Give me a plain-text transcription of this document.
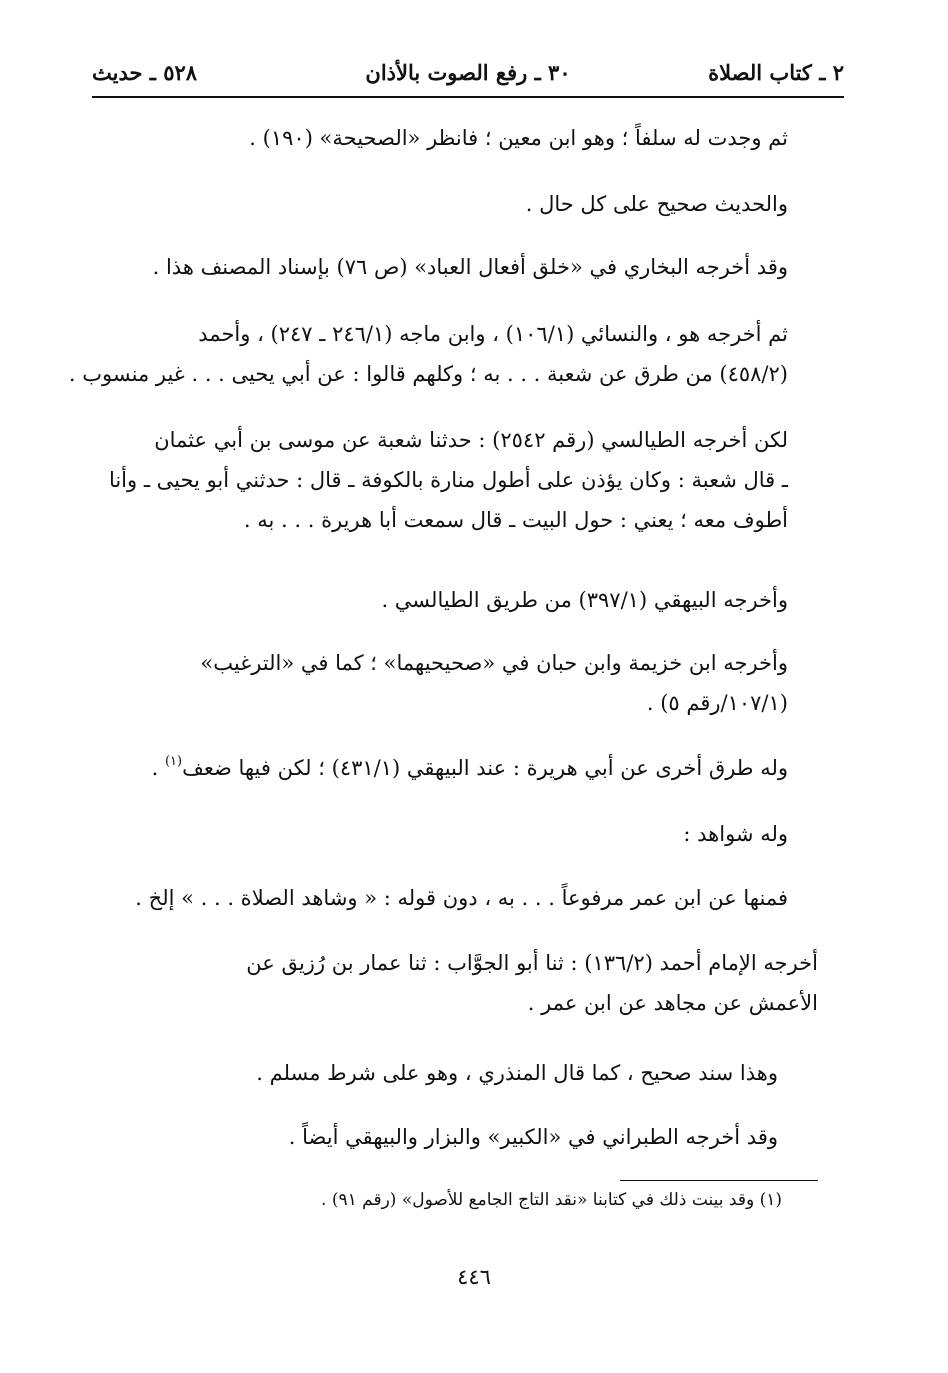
٢ ـ كتاب الصلاة
٣٠ ـ رفع الصوت بالأذان
٥٢٨ ـ حديث
ثم وجدت له سلفاً ؛ وهو ابن معين ؛ فانظر «الصحيحة» (١٩٠) .
والحديث صحيح على كل حال .
وقد أخرجه البخاري في «خلق أفعال العباد» (ص ٧٦) بإسناد المصنف هذا .
ثم أخرجه هو ، والنسائي (١٠٦/١) ، وابن ماجه (٢٤٦/١ ـ ٢٤٧) ، وأحمد
(٤٥٨/٢) من طرق عن شعبة . . . به ؛ وكلهم قالوا : عن أبي يحيى . . . غير منسوب .
لكن أخرجه الطيالسي (رقم ٢٥٤٢) : حدثنا شعبة عن موسى بن أبي عثمان
ـ قال شعبة : وكان يؤذن على أطول منارة بالكوفة ـ قال : حدثني أبو يحيى ـ وأنا
أطوف معه ؛ يعني : حول البيت ـ قال سمعت أبا هريرة . . . به .
وأخرجه البيهقي (٣٩٧/١) من طريق الطيالسي .
وأخرجه ابن خزيمة وابن حبان في «صحيحيهما» ؛ كما في «الترغيب»
(١٠٧/١/رقم ٥) .
وله طرق أخرى عن أبي هريرة : عند البيهقي (٤٣١/١) ؛ لكن فيها ضعف$^{(١)}$ .
وله شواهد :
فمنها عن ابن عمر مرفوعاً . . . به ، دون قوله : « وشاهد الصلاة . . . » إلخ .
أخرجه الإمام أحمد (١٣٦/٢) : ثنا أبو الجوَّاب : ثنا عمار بن رُزيق عن
الأعمش عن مجاهد عن ابن عمر .
وهذا سند صحيح ، كما قال المنذري ، وهو على شرط مسلم .
وقد أخرجه الطبراني في «الكبير» والبزار والبيهقي أيضاً .
(١) وقد بينت ذلك في كتابنا «نقد التاج الجامع للأصول» (رقم ٩١) .
٤٤٦
